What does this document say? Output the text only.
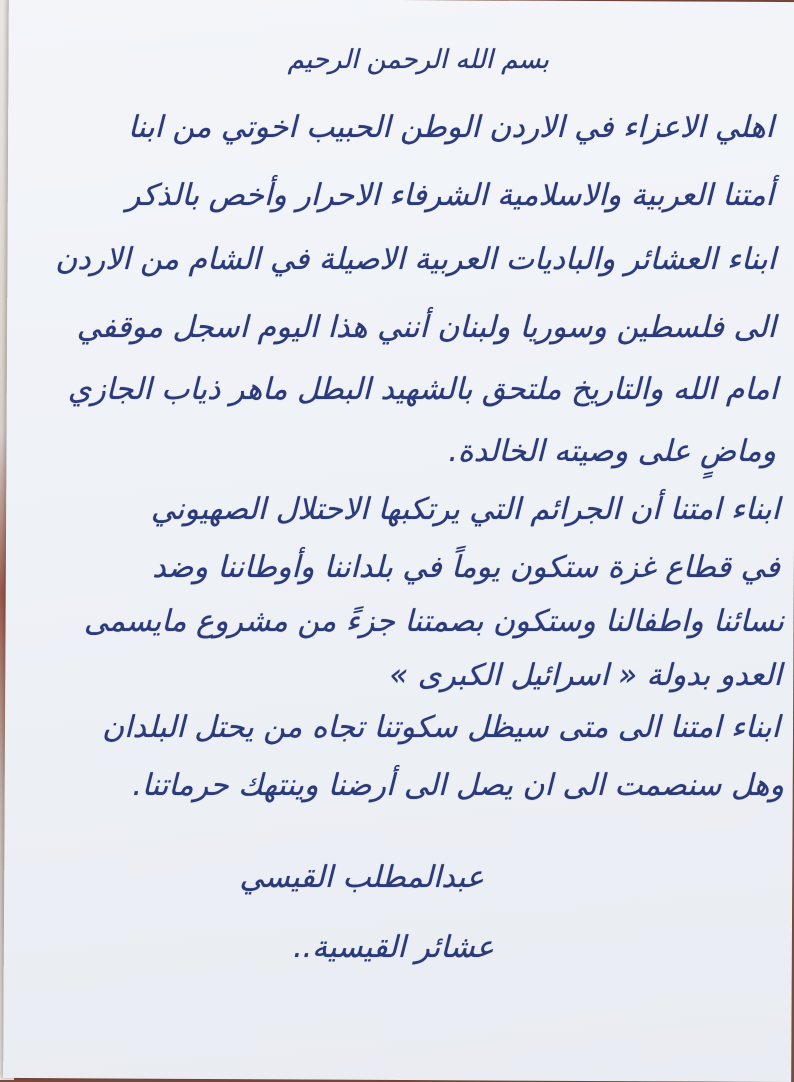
بسم الله الرحمن الرحيم
اهلي الاعزاء في الاردن الوطن الحبيب اخوتي من ابنا
أمتنا العربية والاسلامية الشرفاء الاحرار وأخص بالذكر
ابناء العشائر والباديات العربية الاصيلة في الشام من الاردن
الى فلسطين وسوريا ولبنان أنني هذا اليوم اسجل موقفي
امام الله والتاريخ ملتحق بالشهيد البطل ماهر ذياب الجازي
وماضٍ على وصيته الخالدة.
ابناء امتنا أن الجرائم التي يرتكبها الاحتلال الصهيوني
في قطاع غزة ستكون يوماً في بلداننا وأوطاننا وضد
نسائنا واطفالنا وستكون بصمتنا جزءً من مشروع مايسمى
العدو بدولة « اسرائيل الكبرى »
ابناء امتنا الى متى سيظل سكوتنا تجاه من يحتل البلدان
وهل سنصمت الى ان يصل الى أرضنا وينتهك حرماتنا.
عبدالمطلب القيسي
عشائر القيسية..
